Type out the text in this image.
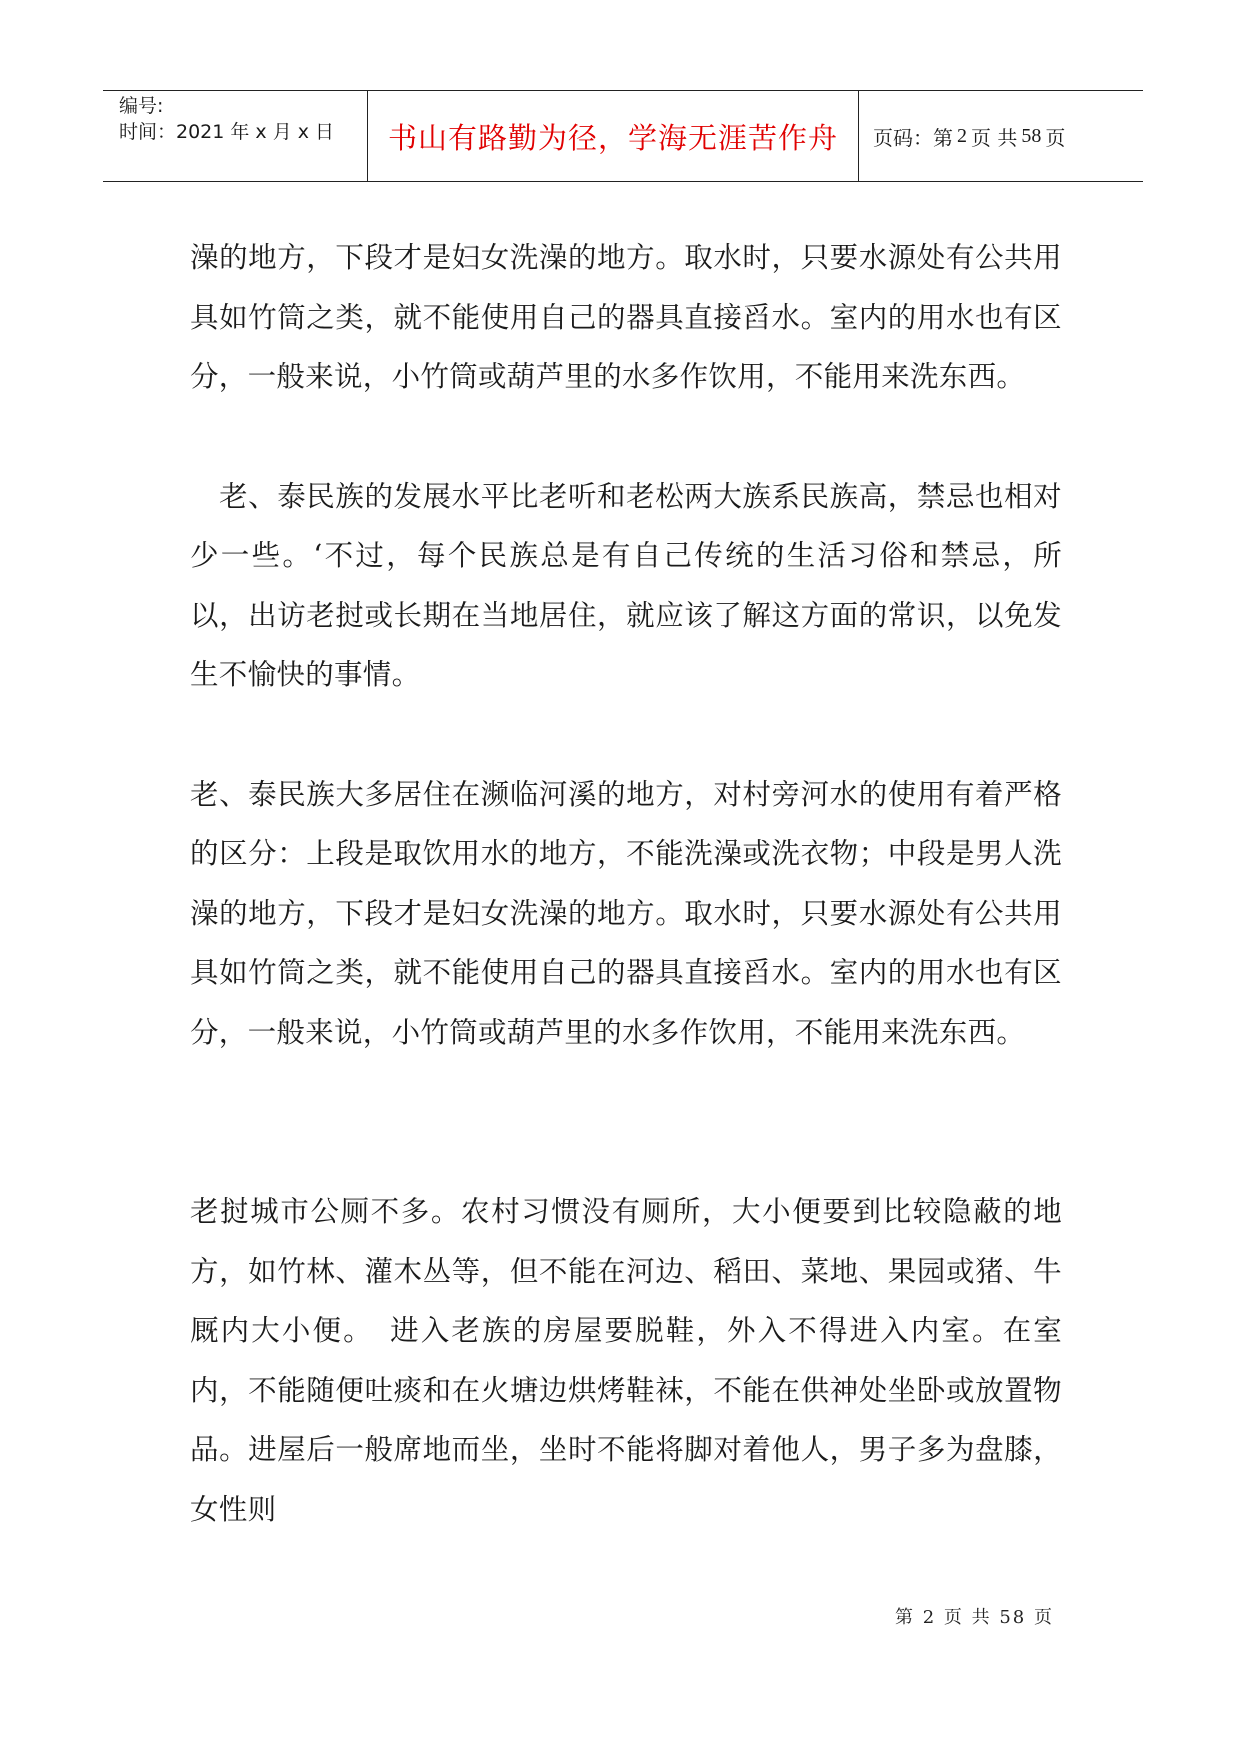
编号:
时间：2021 年 x 月 x 日	书山有路勤为径，学海无涯苦作舟	页码：第 2 页 共 58 页

澡的地方，下段才是妇女洗澡的地方。取水时，只要水源处有公共用具如竹筒之类，就不能使用自己的器具直接舀水。室内的用水也有区分，一般来说，小竹筒或葫芦里的水多作饮用，不能用来洗东西。

　老、泰民族的发展水平比老听和老松两大族系民族高，禁忌也相对少一些。‘不过，每个民族总是有自己传统的生活习俗和禁忌，所以，出访老挝或长期在当地居住，就应该了解这方面的常识，以免发生不愉快的事情。

老、泰民族大多居住在濒临河溪的地方，对村旁河水的使用有着严格的区分：上段是取饮用水的地方，不能洗澡或洗衣物；中段是男人洗澡的地方，下段才是妇女洗澡的地方。取水时，只要水源处有公共用具如竹筒之类，就不能使用自己的器具直接舀水。室内的用水也有区分，一般来说，小竹筒或葫芦里的水多作饮用，不能用来洗东西。

老挝城市公厕不多。农村习惯没有厕所，大小便要到比较隐蔽的地方，如竹林、灌木丛等，但不能在河边、稻田、菜地、果园或猪、牛厩内大小便。　进入老族的房屋要脱鞋，外入不得进入内室。在室内，不能随便吐痰和在火塘边烘烤鞋袜，不能在供神处坐卧或放置物品。进屋后一般席地而坐，坐时不能将脚对着他人，男子多为盘膝，女性则

第 2 页 共 58 页
